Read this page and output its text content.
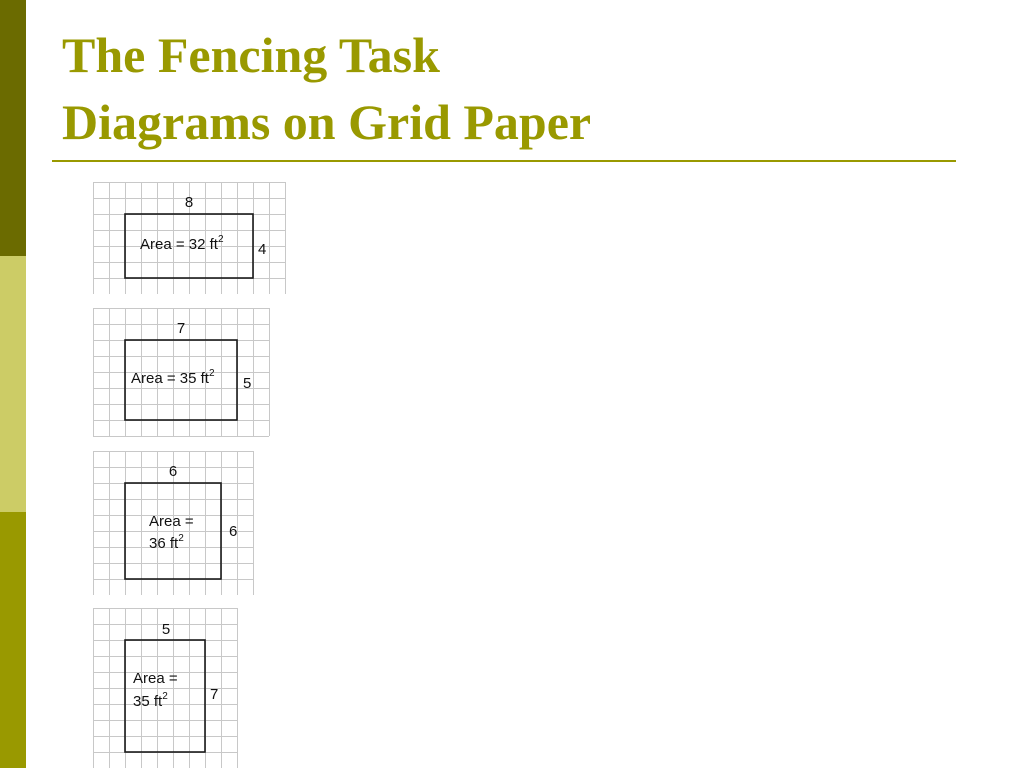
The Fencing Task
Diagrams on Grid Paper
8
4
Area = 32 $ft^2$
7
5
Area = 35 $ft^2$
6
6
Area =
36 $ft^2$
5
7
Area =
35 $ft^2$
